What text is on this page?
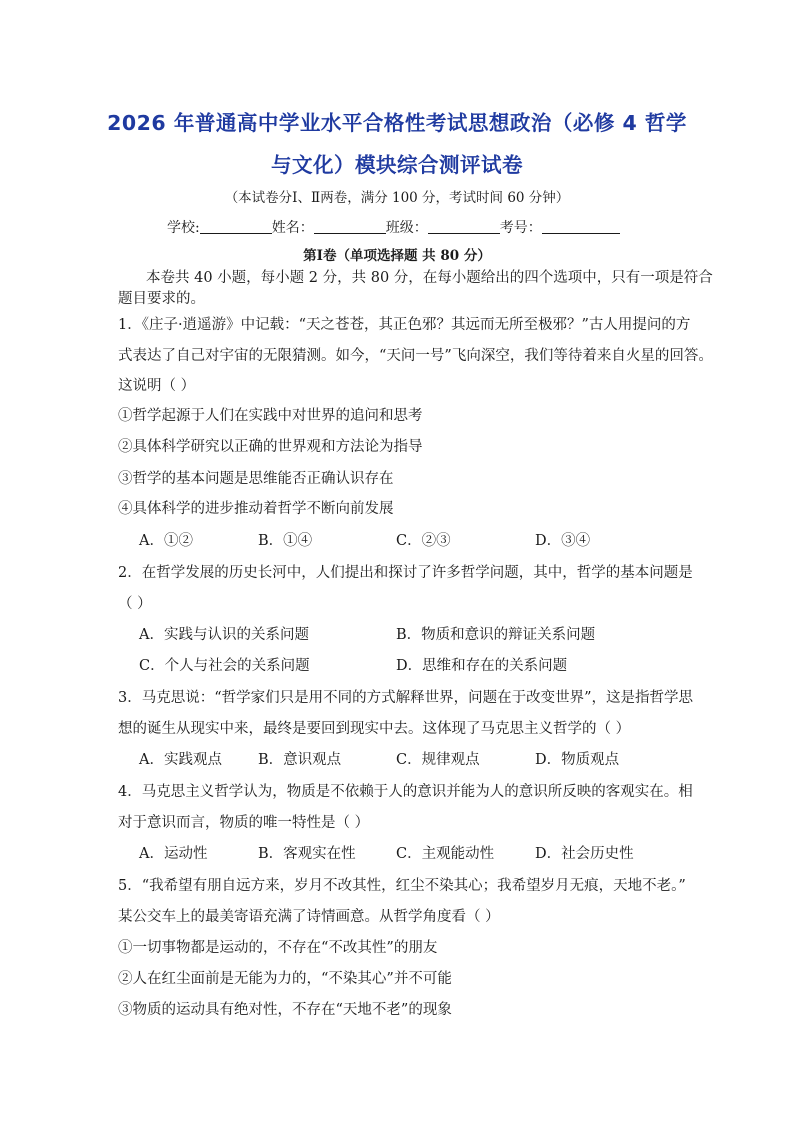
2026 年普通高中学业水平合格性考试思想政治（必修 4 哲学
与文化）模块综合测评试卷
（本试卷分Ⅰ、Ⅱ两卷，满分 100 分，考试时间 60 分钟）
学校:	姓名：	班级：	考号：
第Ⅰ卷（单项选择题 共 80 分）
本卷共 40 小题，每小题 2 分，共 80 分，在每小题给出的四个选项中，只有一项是符合
题目要求的。
1．《庄子·逍遥游》中记载：“天之苍苍，其正色邪？其远而无所至极邪？”古人用提问的方
式表达了自己对宇宙的无限猜测。如今，“天问一号”飞向深空，我们等待着来自火星的回答。
这说明（ ）
①哲学起源于人们在实践中对世界的追问和思考
②具体科学研究以正确的世界观和方法论为指导
③哲学的基本问题是思维能否正确认识存在
④具体科学的进步推动着哲学不断向前发展
A．①②	B．①④	C．②③	D．③④
2．在哲学发展的历史长河中，人们提出和探讨了许多哲学问题，其中，哲学的基本问题是
（ ）
A．实践与认识的关系问题	B．物质和意识的辩证关系问题
C．个人与社会的关系问题	D．思维和存在的关系问题
3．马克思说：“哲学家们只是用不同的方式解释世界，问题在于改变世界”，这是指哲学思
想的诞生从现实中来，最终是要回到现实中去。这体现了马克思主义哲学的（ ）
A．实践观点 B．意识观点	C．规律观点	D．物质观点
4．马克思主义哲学认为，物质是不依赖于人的意识并能为人的意识所反映的客观实在。相
对于意识而言，物质的唯一特性是（ ）
A．运动性	B．客观实在性	C．主观能动性	D．社会历史性
5．“我希望有朋自远方来，岁月不改其性，红尘不染其心；我希望岁月无痕，天地不老。”
某公交车上的最美寄语充满了诗情画意。从哲学角度看（ ）
①一切事物都是运动的，不存在“不改其性”的朋友
②人在红尘面前是无能为力的，“不染其心”并不可能
③物质的运动具有绝对性，不存在“天地不老”的现象
